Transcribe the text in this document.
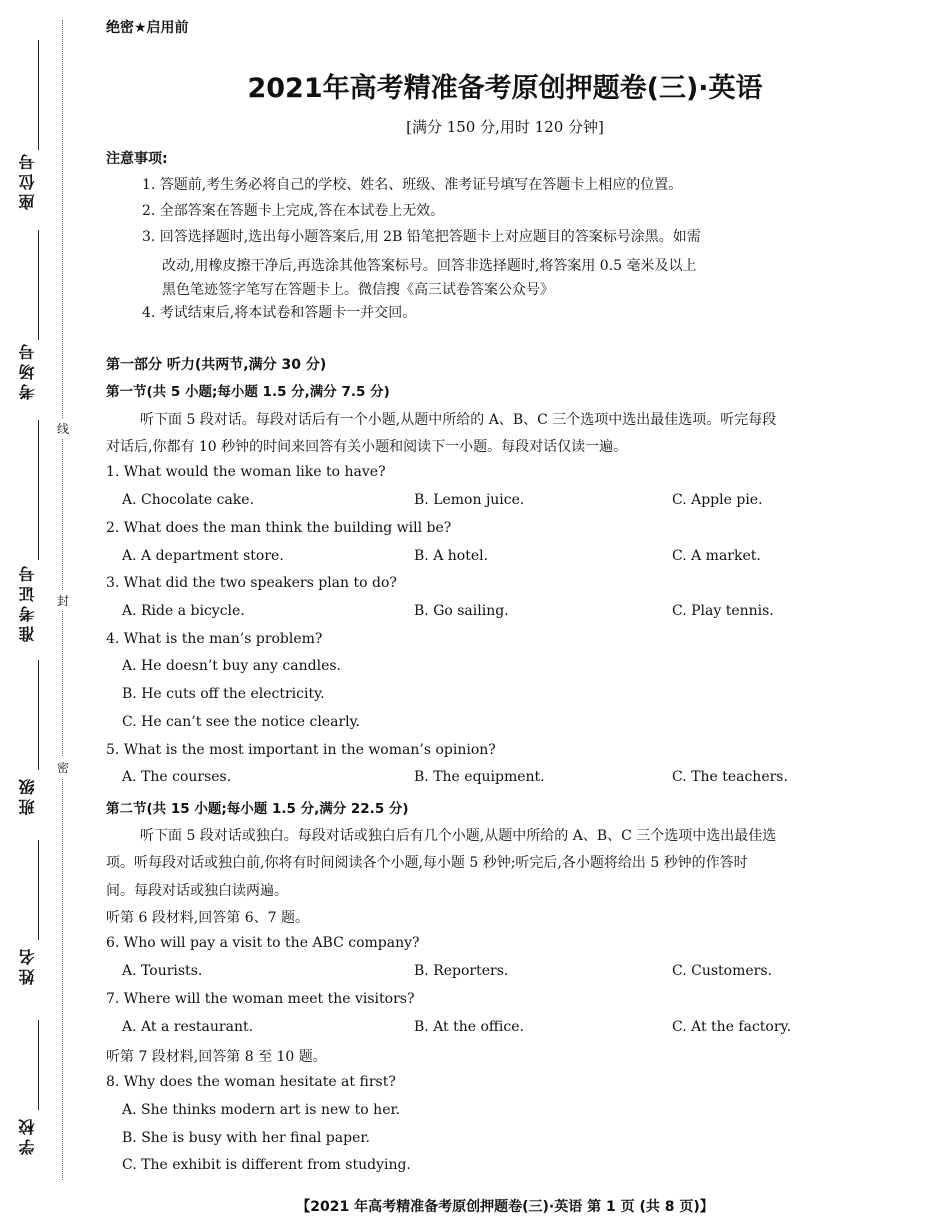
座位号
考场号
准考证号
班级
姓名
学校
线
封
密
绝密★启用前
2021年高考精准备考原创押题卷(三)·英语
[满分 150 分,用时 120 分钟]
注意事项:
1. 答题前,考生务必将自己的学校、姓名、班级、准考证号填写在答题卡上相应的位置。
2. 全部答案在答题卡上完成,答在本试卷上无效。
3. 回答选择题时,选出每小题答案后,用 2B 铅笔把答题卡上对应题目的答案标号涂黑。如需
改动,用橡皮擦干净后,再选涂其他答案标号。回答非选择题时,将答案用 0.5 毫米及以上
黑色笔迹签字笔写在答题卡上。微信搜《高三试卷答案公众号》
4. 考试结束后,将本试卷和答题卡一并交回。
第一部分 听力(共两节,满分 30 分)
第一节(共 5 小题;每小题 1.5 分,满分 7.5 分)
听下面 5 段对话。每段对话后有一个小题,从题中所给的 A、B、C 三个选项中选出最佳选项。听完每段
对话后,你都有 10 秒钟的时间来回答有关小题和阅读下一小题。每段对话仅读一遍。
1. What would the woman like to have?
A. Chocolate cake.	B. Lemon juice.	C. Apple pie.
2. What does the man think the building will be?
A. A department store.	B. A hotel.	C. A market.
3. What did the two speakers plan to do?
A. Ride a bicycle.	B. Go sailing.	C. Play tennis.
4. What is the man’s problem?
A. He doesn’t buy any candles.
B. He cuts off the electricity.
C. He can’t see the notice clearly.
5. What is the most important in the woman’s opinion?
A. The courses.	B. The equipment.	C. The teachers.
第二节(共 15 小题;每小题 1.5 分,满分 22.5 分)
听下面 5 段对话或独白。每段对话或独白后有几个小题,从题中所给的 A、B、C 三个选项中选出最佳选
项。听每段对话或独白前,你将有时间阅读各个小题,每小题 5 秒钟;听完后,各小题将给出 5 秒钟的作答时
间。每段对话或独白读两遍。
听第 6 段材料,回答第 6、7 题。
6. Who will pay a visit to the ABC company?
A. Tourists.	B. Reporters.	C. Customers.
7. Where will the woman meet the visitors?
A. At a restaurant.	B. At the office.	C. At the factory.
听第 7 段材料,回答第 8 至 10 题。
8. Why does the woman hesitate at first?
A. She thinks modern art is new to her.
B. She is busy with her final paper.
C. The exhibit is different from studying.
【2021 年高考精准备考原创押题卷(三)·英语 第 1 页 (共 8 页)】
